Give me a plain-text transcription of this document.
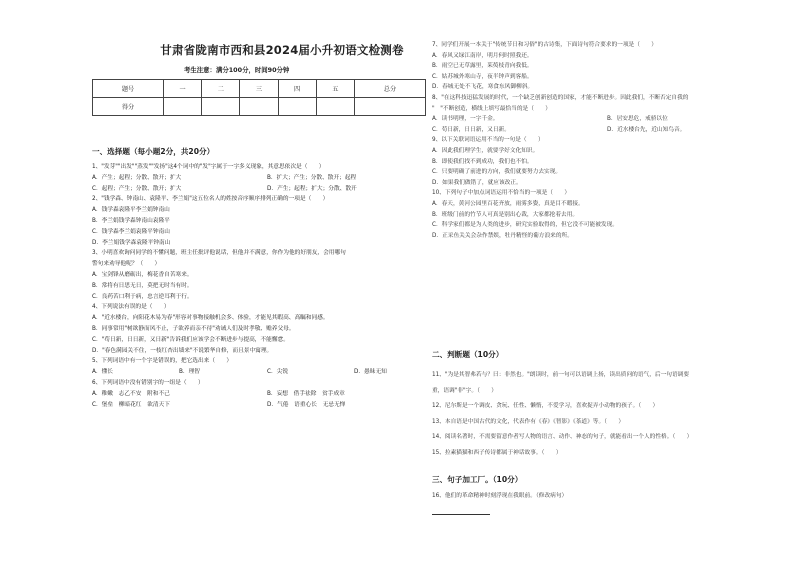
甘肃省陇南市西和县2024届小升初语文检测卷
考生注意：满分100分，时间90分钟
题号	一	二	三	四	五	总分
得分						
一、选择题（每小题2分，共20分）
1、"发芽""出发""蒸发""发扬"这4个词中的"发"字属于一字多义现象，其意思依次是（　　）
A．产生；起程；分散、散开；扩大	B．扩大；产生；分散、散开；起程
C．起程；产生；分散、散开；扩大	D．产生；起程；扩大；分散、散开
2、"钱学森、钟南山、袁隆平、李兰娟"这五位名人的姓按音序顺序排列正确的一项是（　　）
A．钱学森袁隆平李兰娟钟南山
B．李兰娟钱学森钟南山袁隆平
C．钱学森李兰娟袁隆平钟南山
D．李兰娟钱学森袁隆平钟南山
3、小明喜欢询问同学的不懂问题，班主任批评他说话，但他并不满意，你作为他的好朋友，会用哪句
警句来劝导他呢？（　　）
A．宝剑锋从磨砺出，梅花香自苦寒来。
B．常将有日思无日，莫把无时当有时。
C．良药苦口利于病，忠言逆耳利于行。
4、下列说法有误的是（　　）
A．"近水楼台，向阳花木易为春"形容对事物接触机会多、体验，才能见其暇高、高瞩和同感。
B．同事常用"树欲静而风不止，子欲养而亲不待"劝诫人们及时孝敬、赡养父母。
C．"苟日新，日日新，又日新"告诉我们应该学会不断进步与提高，不能懈怠。
D．"春色满园关不住，一枝红杏出墙来"不说繁华自修，而且景中寓理。
5、下列词语中有一个字是错误的，把它选出来（　　）
A．懂长	B．理智	C．尖锐	D．愚昧无知
6、下列词语中没有错别字的一组是（　　）
A．稚嫩　志乙不安　附和不己	B．妄想　借手祛除　贫手成章
C．堡垒　柳暗花红　欲清天下	D．气倦　语重心长　无忌无惮
7、同学们开展一本关于"传统节日和习俗"的古诗集，下面诗句符合要求的一项是（　　）
A．春风又绿江南岸，明月何时照我还。
B．雨空已无草露里，茱萸枝青向我低。
C．姑苏城外寒山寺，夜半钟声到客船。
D．春城无处不飞花，寒食东风御柳斜。
8、"在这科技迅猛发展的时代，一个缺乏创新创造的国家，才能不断进步。因此我们，不断否定自我的
"　"不断创造，横线上填写最恰当的是（　　）
A．读书明理，一字千金。	B．居安思危，戒骄以位
C．苟日新，日日新，又日新。	D．近水楼台先，近山知鸟音。
9、以下关联词语运用不当的一句是（　　）
A．因此我们理学生，就要学好文化知识。
B．即使我们找不到成功，我们也不怕。
C．只要明确了前进的方向，我们就要努力去实现。
D．如果我们做错了，就应该改正。
10、下列句子中加点词语运用不恰当的一项是（　　）
A．春天，黄河公园里百花齐放，雨雾多姿，真是目不暇接。
B．班级门前的竹节人可真是别出心裁，大家都抢着去用。
C．科学家们都是为人类的进步，研究实验取得的，但它没不可能被发现。
D．正采鱼关关会杂作禁娱，牡丹精怪的葡方浪来的所。
二、判断题（10分）
11、"为是其智弗若与？曰：非然也。"朗读时，前一句可以语调上扬，读出质问的语气，后一句语调要
重，语调"非"字。（　　）
12、尼尔斯是一个调皮、贪玩、任性、懒惰，不爱学习，喜欢捉弄小动物的孩子。（　　）
13、本自语是中国古代的文化，代表作有《春》《智影》《茶道》等。（　　）
14、阅读名著时，不需要留意作者写人物的语言、动作、神态的句子，就能看出一个人的性格。（　　）
15、拉素猫猫和西子传诗都属于神话故事。（　　）
三、句子加工厂。（10分）
16、他们的革命精神时刻浮现在我眼前。（修改病句）
